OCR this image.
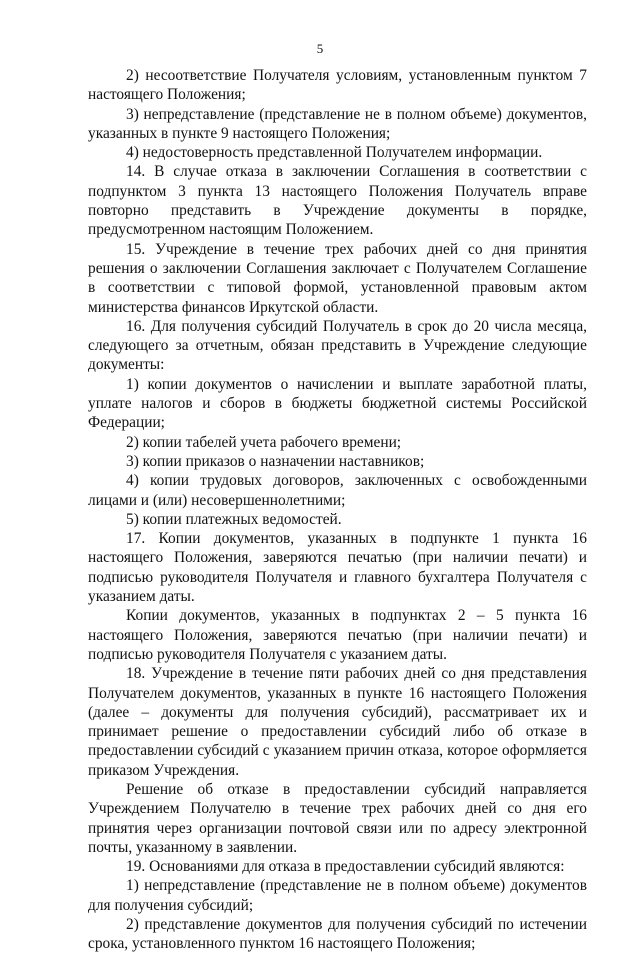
5

2) несоответствие Получателя условиям, установленным пунктом 7 настоящего Положения;

3) непредставление (представление не в полном объеме) документов, указанных в пункте 9 настоящего Положения;

4) недостоверность представленной Получателем информации.

14. В случае отказа в заключении Соглашения в соответствии с подпунктом 3 пункта 13 настоящего Положения Получатель вправе повторно представить в Учреждение документы в порядке, предусмотренном настоящим Положением.

15. Учреждение в течение трех рабочих дней со дня принятия решения о заключении Соглашения заключает с Получателем Соглашение в соответствии с типовой формой, установленной правовым актом министерства финансов Иркутской области.

16. Для получения субсидий Получатель в срок до 20 числа месяца, следующего за отчетным, обязан представить в Учреждение следующие документы:

1) копии документов о начислении и выплате заработной платы, уплате налогов и сборов в бюджеты бюджетной системы Российской Федерации;

2) копии табелей учета рабочего времени;

3) копии приказов о назначении наставников;

4) копии трудовых договоров, заключенных с освобожденными лицами и (или) несовершеннолетними;

5) копии платежных ведомостей.

17. Копии документов, указанных в подпункте 1 пункта 16 настоящего Положения, заверяются печатью (при наличии печати) и подписью руководителя Получателя и главного бухгалтера Получателя с указанием даты.

Копии документов, указанных в подпунктах 2 – 5 пункта 16 настоящего Положения, заверяются печатью (при наличии печати) и подписью руководителя Получателя с указанием даты.

18. Учреждение в течение пяти рабочих дней со дня представления Получателем документов, указанных в пункте 16 настоящего Положения (далее – документы для получения субсидий), рассматривает их и принимает решение о предоставлении субсидий либо об отказе в предоставлении субсидий с указанием причин отказа, которое оформляется приказом Учреждения.

Решение об отказе в предоставлении субсидий направляется Учреждением Получателю в течение трех рабочих дней со дня его принятия через организации почтовой связи или по адресу электронной почты, указанному в заявлении.

19. Основаниями для отказа в предоставлении субсидий являются:

1) непредставление (представление не в полном объеме) документов для получения субсидий;

2) представление документов для получения субсидий по истечении срока, установленного пунктом 16 настоящего Положения;
